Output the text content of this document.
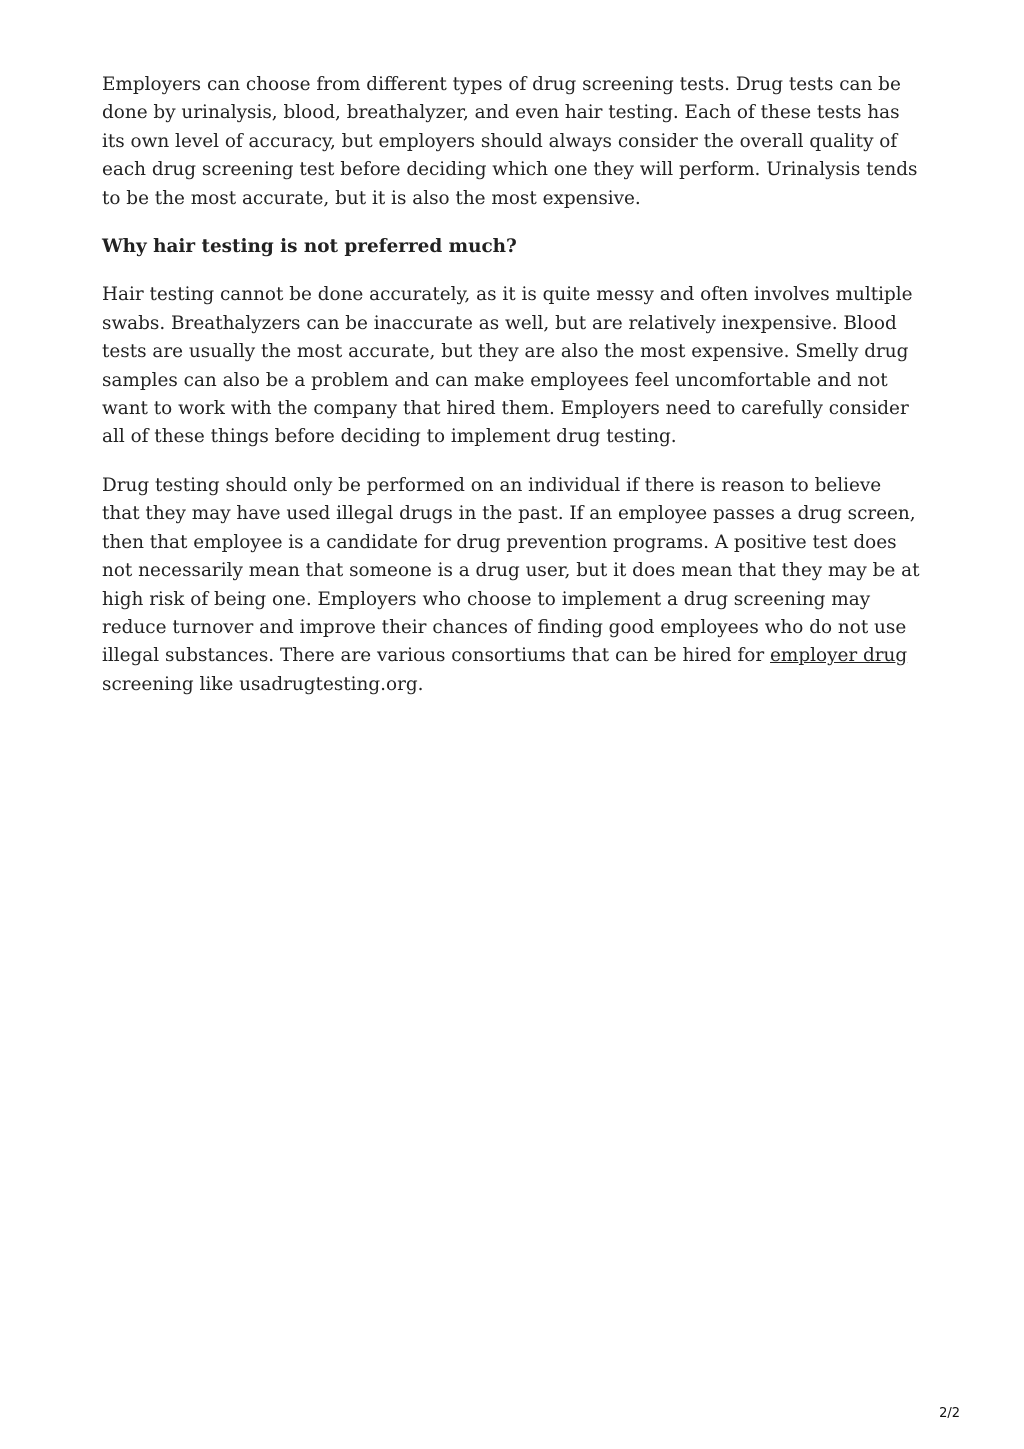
Employers can choose from different types of drug screening tests. Drug tests can be done by urinalysis, blood, breathalyzer, and even hair testing. Each of these tests has its own level of accuracy, but employers should always consider the overall quality of each drug screening test before deciding which one they will perform. Urinalysis tends to be the most accurate, but it is also the most expensive.

Why hair testing is not preferred much?

Hair testing cannot be done accurately, as it is quite messy and often involves multiple swabs. Breathalyzers can be inaccurate as well, but are relatively inexpensive. Blood tests are usually the most accurate, but they are also the most expensive. Smelly drug samples can also be a problem and can make employees feel uncomfortable and not want to work with the company that hired them. Employers need to carefully consider all of these things before deciding to implement drug testing.

Drug testing should only be performed on an individual if there is reason to believe that they may have used illegal drugs in the past. If an employee passes a drug screen, then that employee is a candidate for drug prevention programs. A positive test does not necessarily mean that someone is a drug user, but it does mean that they may be at high risk of being one. Employers who choose to implement a drug screening may reduce turnover and improve their chances of finding good employees who do not use illegal substances. There are various consortiums that can be hired for employer drug screening like usadrugtesting.org.

2/2
